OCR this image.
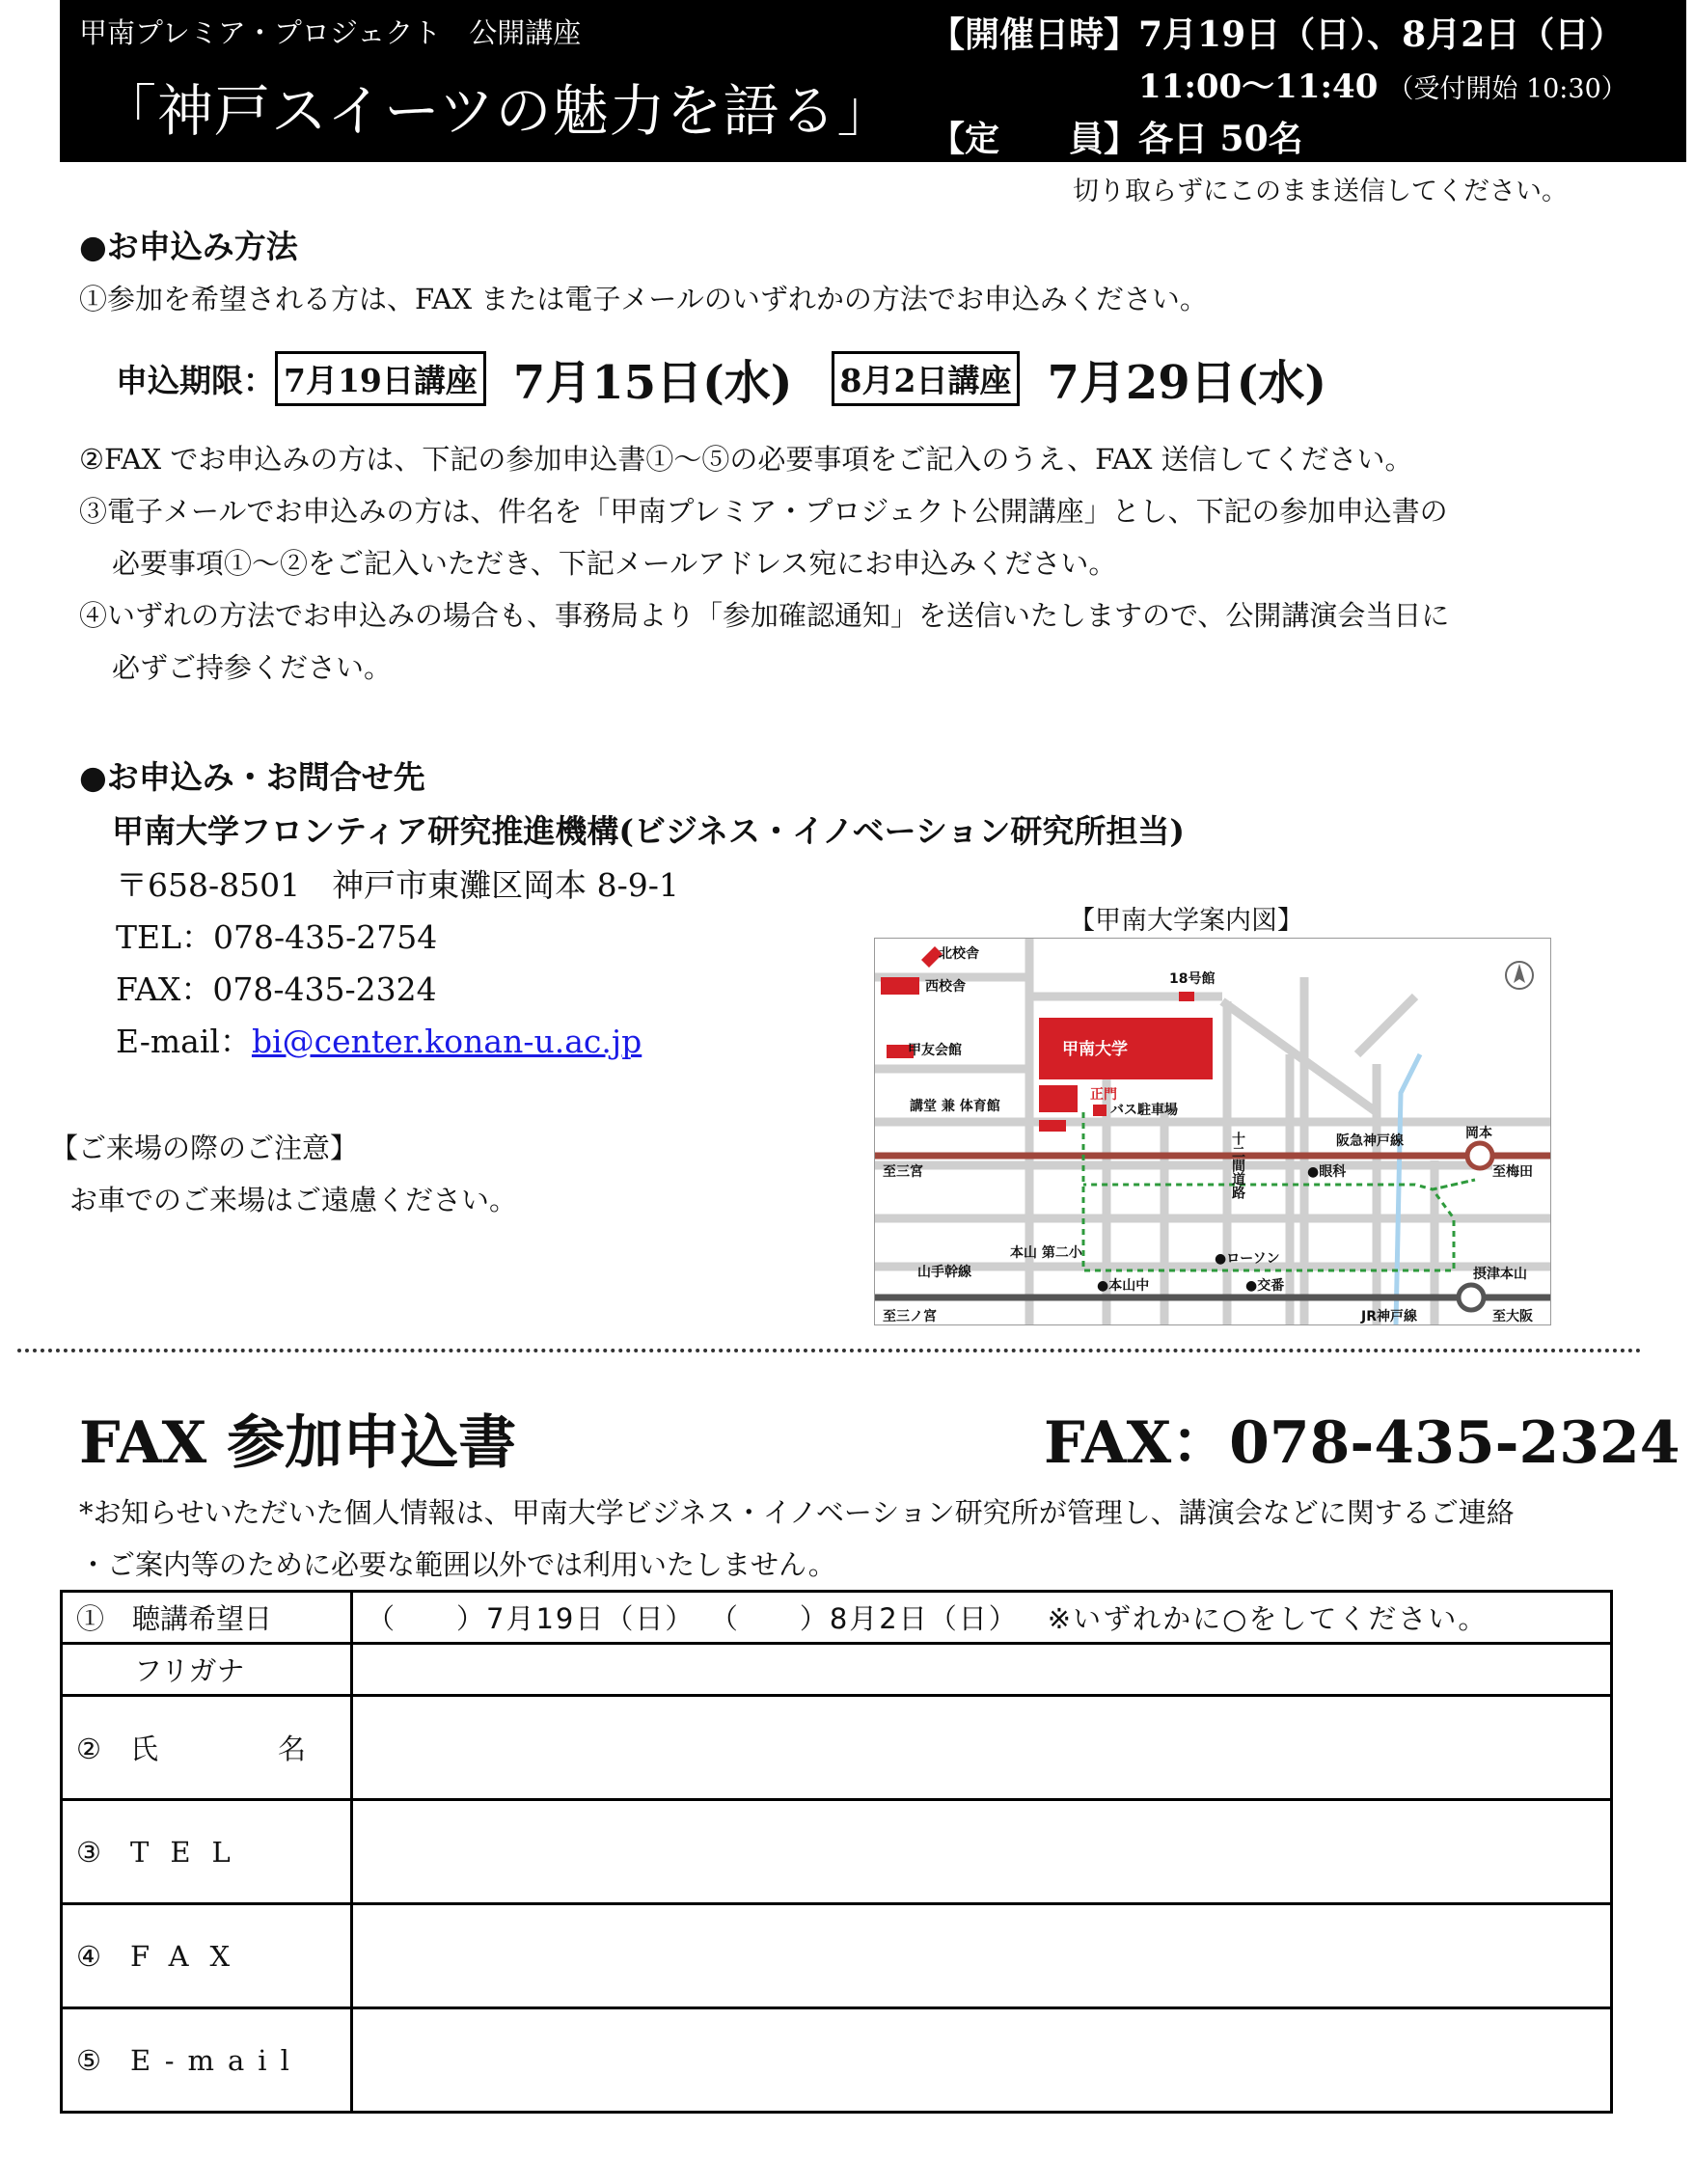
甲南プレミア・プロジェクト　公開講座
「神戸スイーツの魅力を語る」
【開催日時】 7月19日（日）、8月2日（日）
11:00〜11:40 （受付開始 10:30）
【定　　員】 各日 50名
切り取らずにこのまま送信してください。
●お申込み方法
①参加を希望される方は、FAX または電子メールのいずれかの方法でお申込みください。
申込期限： 7月19日講座 7月15日(水) 8月2日講座 7月29日(水)
②FAX でお申込みの方は、下記の参加申込書①〜⑤の必要事項をご記入のうえ、FAX 送信してください。
③電子メールでお申込みの方は、件名を「甲南プレミア・プロジェクト公開講座」とし、下記の参加申込書の
必要事項①〜②をご記入いただき、下記メールアドレス宛にお申込みください。
④いずれの方法でお申込みの場合も、事務局より「参加確認通知」を送信いたしますので、公開講演会当日に
必ずご持参ください。
●お申込み・お問合せ先
甲南大学フロンティア研究推進機構(ビジネス・イノベーション研究所担当)
〒658-8501　神戸市東灘区岡本 8-9-1
TEL：078-435-2754
FAX：078-435-2324
E-mail：bi@center.konan-u.ac.jp
【ご来場の際のご注意】
お車でのご来場はご遠慮ください。
【甲南大学案内図】
北校舎
西校舎	18号館
甲南大学
甲友会館
正門
講堂 兼 体育館	バス駐車場
十二間道路	阪急神戸線	岡本
至梅田
至三宮	●眼科
本山 第二小
山手幹線
●ローソン
●交番
●本山中
摂津本山
至三ノ宮	JR神戸線	至大阪
FAX 参加申込書	FAX：078-435-2324
*お知らせいただいた個人情報は、甲南大学ビジネス・イノベーション研究所が管理し、講演会などに関するご連絡
・ご案内等のために必要な範囲以外では利用いたしません。
①　聴講希望日	（　　）7月19日（日） （　　）8月2日（日） ※いずれかに○をしてください。
フリガナ	
② 氏　　名	
③ TEL	
④ FAX	
⑤ E-mail	
